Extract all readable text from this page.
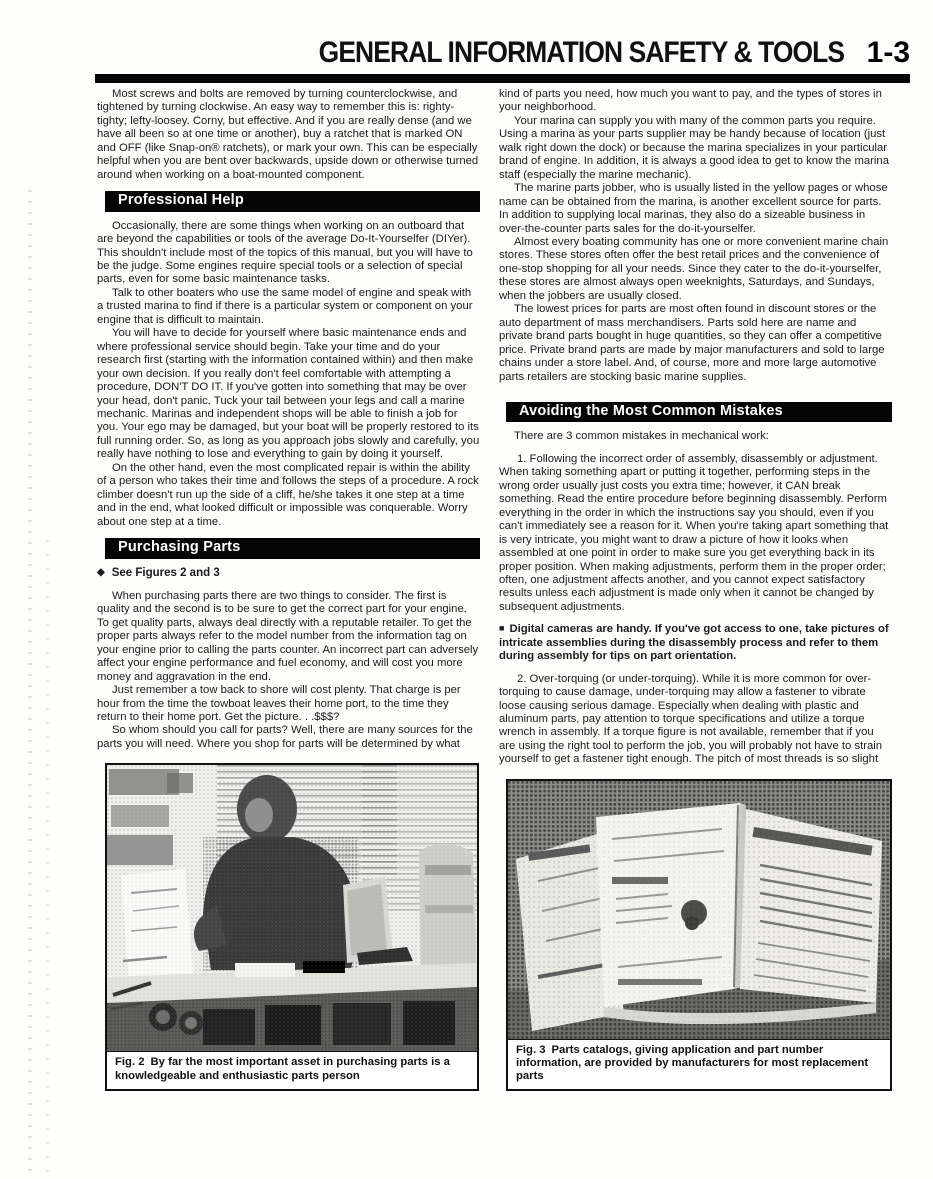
GENERAL INFORMATION SAFETY & TOOLS 1-3

Most screws and bolts are removed by turning counterclockwise, and tightened by turning clockwise. An easy way to remember this is: righty-tighty; lefty-loosey. Corny, but effective. And if you are really dense (and we have all been so at one time or another), buy a ratchet that is marked ON and OFF (like Snap-on® ratchets), or mark your own. This can be especially helpful when you are bent over backwards, upside down or otherwise turned around when working on a boat-mounted component.

Professional Help

Occasionally, there are some things when working on an outboard that are beyond the capabilities or tools of the average Do-It-Yourselfer (DIYer). This shouldn't include most of the topics of this manual, but you will have to be the judge. Some engines require special tools or a selection of special parts, even for some basic maintenance tasks.

Talk to other boaters who use the same model of engine and speak with a trusted marina to find if there is a particular system or component on your engine that is difficult to maintain.

You will have to decide for yourself where basic maintenance ends and where professional service should begin. Take your time and do your research first (starting with the information contained within) and then make your own decision. If you really don't feel comfortable with attempting a procedure, DON'T DO IT. If you've gotten into something that may be over your head, don't panic. Tuck your tail between your legs and call a marine mechanic. Marinas and independent shops will be able to finish a job for you. Your ego may be damaged, but your boat will be properly restored to its full running order. So, as long as you approach jobs slowly and carefully, you really have nothing to lose and everything to gain by doing it yourself.

On the other hand, even the most complicated repair is within the ability of a person who takes their time and follows the steps of a procedure. A rock climber doesn't run up the side of a cliff, he/she takes it one step at a time and in the end, what looked difficult or impossible was conquerable. Worry about one step at a time.

Purchasing Parts

◆ See Figures 2 and 3

When purchasing parts there are two things to consider. The first is quality and the second is to be sure to get the correct part for your engine. To get quality parts, always deal directly with a reputable retailer. To get the proper parts always refer to the model number from the information tag on your engine prior to calling the parts counter. An incorrect part can adversely affect your engine performance and fuel economy, and will cost you more money and aggravation in the end.

Just remember a tow back to shore will cost plenty. That charge is per hour from the time the towboat leaves their home port, to the time they return to their home port. Get the picture. . .$$$?

So whom should you call for parts? Well, there are many sources for the parts you will need. Where you shop for parts will be determined by what

Fig. 2 By far the most important asset in purchasing parts is a knowledgeable and enthusiastic parts person

kind of parts you need, how much you want to pay, and the types of stores in your neighborhood.

Your marina can supply you with many of the common parts you require. Using a marina as your parts supplier may be handy because of location (just walk right down the dock) or because the marina specializes in your particular brand of engine. In addition, it is always a good idea to get to know the marina staff (especially the marine mechanic).

The marine parts jobber, who is usually listed in the yellow pages or whose name can be obtained from the marina, is another excellent source for parts. In addition to supplying local marinas, they also do a sizeable business in over-the-counter parts sales for the do-it-yourselfer.

Almost every boating community has one or more convenient marine chain stores. These stores often offer the best retail prices and the convenience of one-stop shopping for all your needs. Since they cater to the do-it-yourselfer, these stores are almost always open weeknights, Saturdays, and Sundays, when the jobbers are usually closed.

The lowest prices for parts are most often found in discount stores or the auto department of mass merchandisers. Parts sold here are name and private brand parts bought in huge quantities, so they can offer a competitive price. Private brand parts are made by major manufacturers and sold to large chains under a store label. And, of course, more and more large automotive parts retailers are stocking basic marine supplies.

Avoiding the Most Common Mistakes

There are 3 common mistakes in mechanical work:

1. Following the incorrect order of assembly, disassembly or adjustment. When taking something apart or putting it together, performing steps in the wrong order usually just costs you extra time; however, it CAN break something. Read the entire procedure before beginning disassembly. Perform everything in the order in which the instructions say you should, even if you can't immediately see a reason for it. When you're taking apart something that is very intricate, you might want to draw a picture of how it looks when assembled at one point in order to make sure you get everything back in its proper position. When making adjustments, perform them in the proper order; often, one adjustment affects another, and you cannot expect satisfactory results unless each adjustment is made only when it cannot be changed by subsequent adjustments.

■ Digital cameras are handy. If you've got access to one, take pictures of intricate assemblies during the disassembly process and refer to them during assembly for tips on part orientation.

2. Over-torquing (or under-torquing). While it is more common for over-torquing to cause damage, under-torquing may allow a fastener to vibrate loose causing serious damage. Especially when dealing with plastic and aluminum parts, pay attention to torque specifications and utilize a torque wrench in assembly. If a torque figure is not available, remember that if you are using the right tool to perform the job, you will probably not have to strain yourself to get a fastener tight enough. The pitch of most threads is so slight

Fig. 3 Parts catalogs, giving application and part number information, are provided by manufacturers for most replacement parts
